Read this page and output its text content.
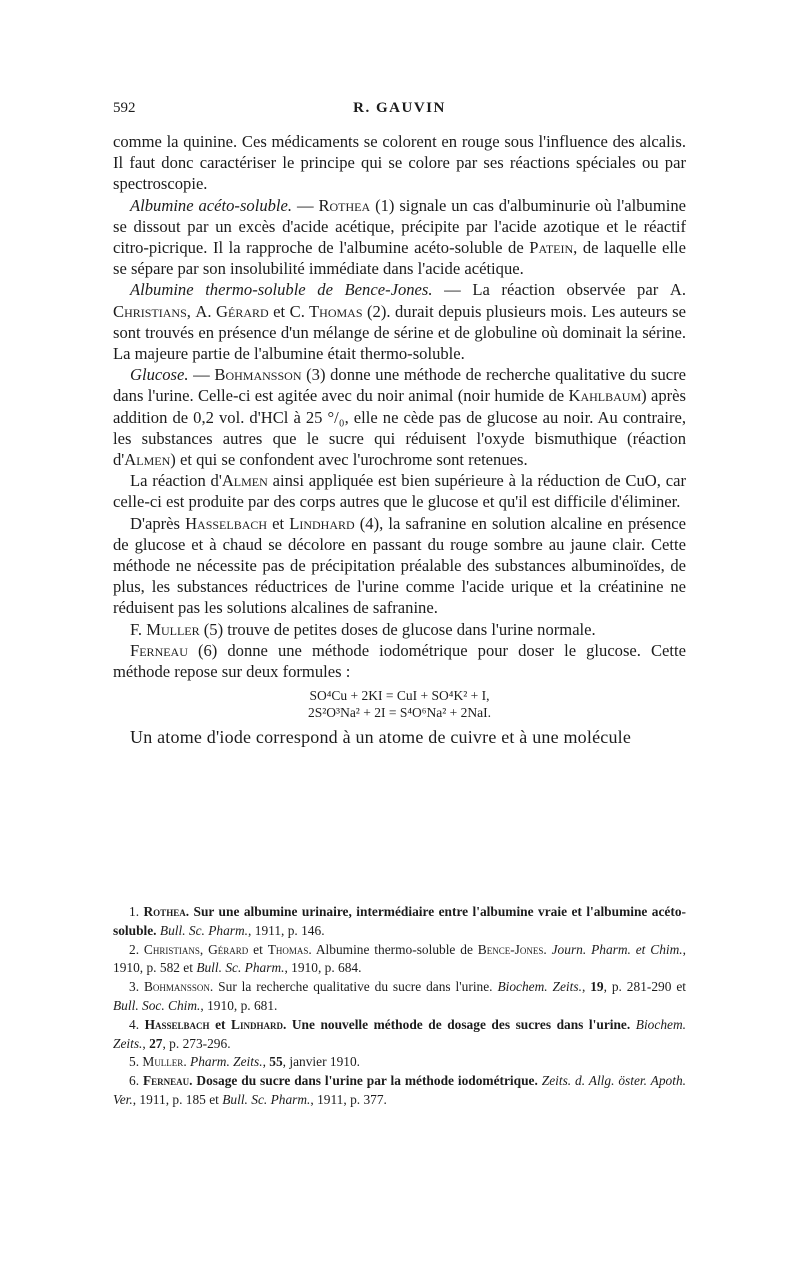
592	R. GAUVIN

comme la quinine. Ces médicaments se colorent en rouge sous l'influence des alcalis. Il faut donc caractériser le principe qui se colore par ses réactions spéciales ou par spectroscopie.

Albumine acéto-soluble. — Rothea (1) signale un cas d'albuminurie où l'albumine se dissout par un excès d'acide acétique, précipite par l'acide azotique et le réactif citro-picrique. Il la rapproche de l'albumine acéto-soluble de Patein, de laquelle elle se sépare par son insolubilité immédiate dans l'acide acétique.

Albumine thermo-soluble de Bence-Jones. — La réaction observée par A. Christians, A. Gérard et C. Thomas (2). durait depuis plusieurs mois. Les auteurs se sont trouvés en présence d'un mélange de sérine et de globuline où dominait la sérine. La majeure partie de l'albumine était thermo-soluble.

Glucose. — Bohmansson (3) donne une méthode de recherche qualitative du sucre dans l'urine. Celle-ci est agitée avec du noir animal (noir humide de Kahlbaum) après addition de 0,2 vol. d'HCl à 25 °/₀, elle ne cède pas de glucose au noir. Au contraire, les substances autres que le sucre qui réduisent l'oxyde bismuthique (réaction d'Almen) et qui se confondent avec l'urochrome sont retenues.

La réaction d'Almen ainsi appliquée est bien supérieure à la réduction de CuO, car celle-ci est produite par des corps autres que le glucose et qu'il est difficile d'éliminer.

D'après Hasselbach et Lindhard (4), la safranine en solution alcaline en présence de glucose et à chaud se décolore en passant du rouge sombre au jaune clair. Cette méthode ne nécessite pas de précipitation préalable des substances albuminoïdes, de plus, les substances réductrices de l'urine comme l'acide urique et la créatinine ne réduisent pas les solutions alcalines de safranine.

F. Muller (5) trouve de petites doses de glucose dans l'urine normale.

Ferneau (6) donne une méthode iodométrique pour doser le glucose. Cette méthode repose sur deux formules :

SO⁴Cu + 2KI = CuI + SO⁴K² + I,
2S²O³Na² + 2I = S⁴O⁶Na² + 2NaI.

Un atome d'iode correspond à un atome de cuivre et à une molécule

1. Rothea. Sur une albumine urinaire, intermédiaire entre l'albumine vraie et l'albumine acéto-soluble. Bull. Sc. Pharm., 1911, p. 146.

2. Christians, Gérard et Thomas. Albumine thermo-soluble de Bence-Jones. Journ. Pharm. et Chim., 1910, p. 582 et Bull. Sc. Pharm., 1910, p. 684.

3. Bohmansson. Sur la recherche qualitative du sucre dans l'urine. Biochem. Zeits., 19, p. 281-290 et Bull. Soc. Chim., 1910, p. 681.

4. Hasselbach et Lindhard. Une nouvelle méthode de dosage des sucres dans l'urine. Biochem. Zeits., 27, p. 273-296.

5. Muller. Pharm. Zeits., 55, janvier 1910.

6. Ferneau. Dosage du sucre dans l'urine par la méthode iodométrique. Zeits. d. Allg. öster. Apoth. Ver., 1911, p. 185 et Bull. Sc. Pharm., 1911, p. 377.
